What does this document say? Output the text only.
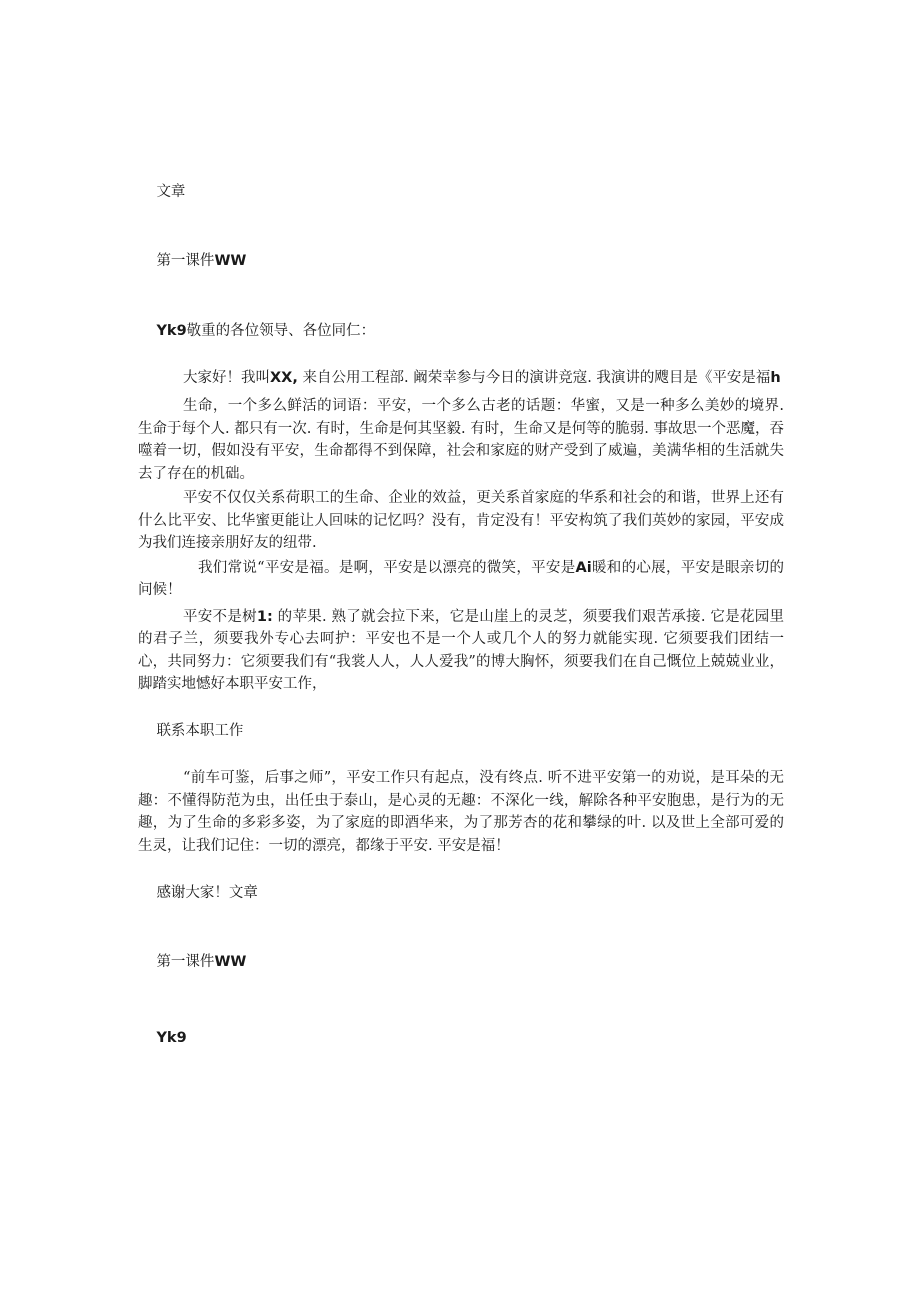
文章

第一课件WW

Yk9敬重的各位领导、各位同仁：

大家好！我叫XX, 来自公用工程部. 阚荣幸参与今日的演讲竞寇. 我演讲的飕目是《平安是福h

生命，一个多么鲜活的词语：平安，一个多么古老的话题：华蜜，又是一种多么美妙的境界. 生命于每个人. 都只有一次. 有时，生命是何其坚毅. 有时，生命又是何等的脆弱. 事故思一个恶魔，吞噬着一切，假如没有平安，生命都得不到保障，社会和家庭的财产受到了威遍，美满华相的生活就失去了存在的机础。

平安不仅仅关系荷职工的生命、企业的效益，更关系首家庭的华系和社会的和谐，世界上还有什么比平安、比华蜜更能让人回味的记忆吗？没有，肯定没有！平安构筑了我们英妙的家园，平安成为我们连接亲朋好友的纽带.

我们常说“平安是福。是啊，平安是以漂亮的微笑，平安是Ai暖和的心展，平安是眼亲切的问候！

平安不是树1: 的苹果. 熟了就会拉下来，它是山崖上的灵芝，须要我们艰苦承接. 它是花园里的君子兰，须要我外专心去呵护：平安也不是一个人或几个人的努力就能实现. 它须要我们团结一心，共同努力：它须要我们有“我裳人人，人人爱我”的博大胸怀，须要我们在自己慨位上兢兢业业，脚踏实地憾好本职平安工作，

联系本职工作

“前车可鉴，后事之师”，平安工作只有起点，没有终点. 听不进平安第一的劝说，是耳朵的无趣：不懂得防范为虫，出任虫于泰山，是心灵的无趣：不深化一线，解除各种平安胞患，是行为的无趣，为了生命的多彩多姿，为了家庭的即酒华来，为了那芳杏的花和攀绿的叶. 以及世上全部可爱的生灵，让我们记住：一切的漂亮，都缘于平安. 平安是福！

感谢大家！文章

第一课件WW

Yk9
